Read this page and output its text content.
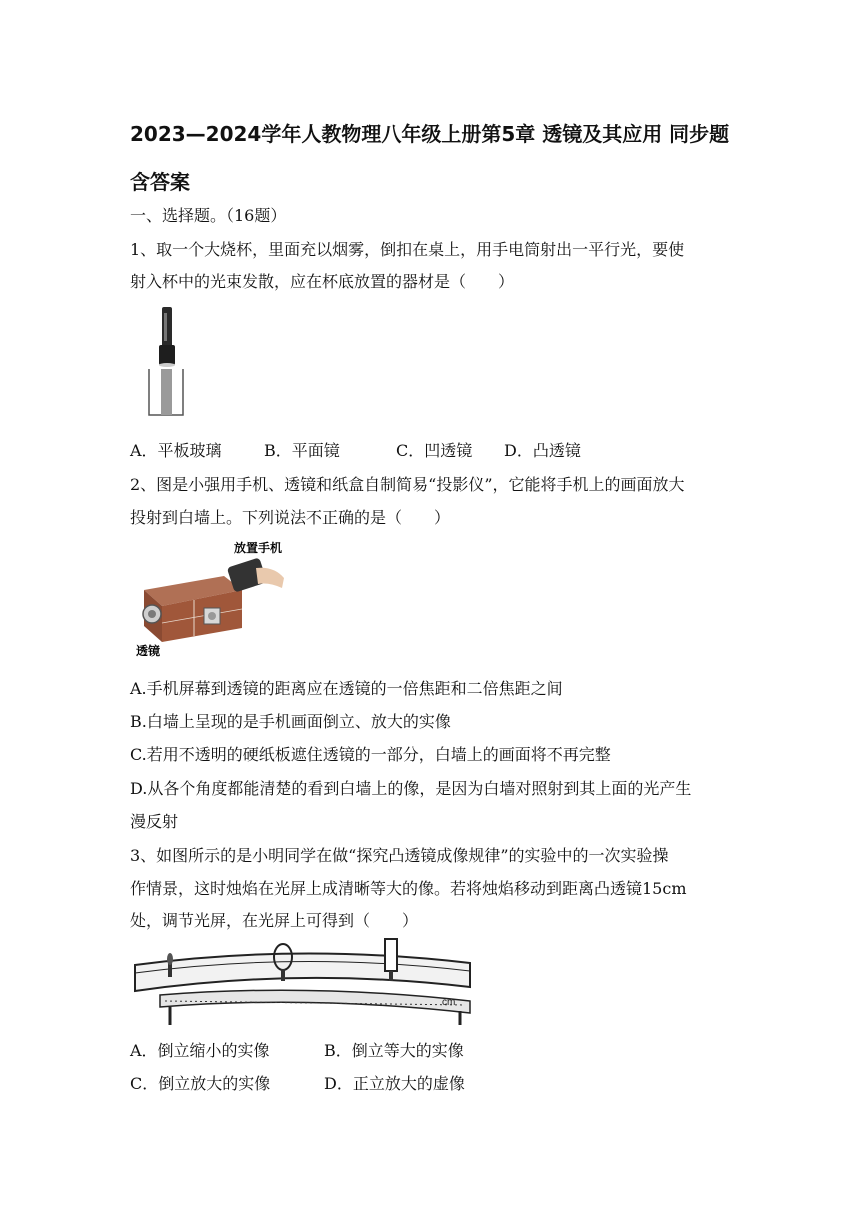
2023—2024学年人教物理八年级上册第5章 透镜及其应用 同步题含答案
一、选择题。（16题）
1、取一个大烧杯，里面充以烟雾，倒扣在桌上，用手电筒射出一平行光，要使
射入杯中的光束发散，应在杯底放置的器材是（　　）
A．平板玻璃	B．平面镜	C．凹透镜 D．凸透镜
2、图是小强用手机、透镜和纸盒自制简易“投影仪”，它能将手机上的画面放大
投射到白墙上。下列说法不正确的是（　　）
放置手机
透镜
A.手机屏幕到透镜的距离应在透镜的一倍焦距和二倍焦距之间
B.白墙上呈现的是手机画面倒立、放大的实像
C.若用不透明的硬纸板遮住透镜的一部分，白墙上的画面将不再完整
D.从各个角度都能清楚的看到白墙上的像，是因为白墙对照射到其上面的光产生
漫反射
3、如图所示的是小明同学在做“探究凸透镜成像规律”的实验中的一次实验操
作情景，这时烛焰在光屏上成清晰等大的像。若将烛焰移动到距离凸透镜15cm
处，调节光屏，在光屏上可得到（　　）
cm
A．倒立缩小的实像	B．倒立等大的实像
C．倒立放大的实像	D．正立放大的虚像
